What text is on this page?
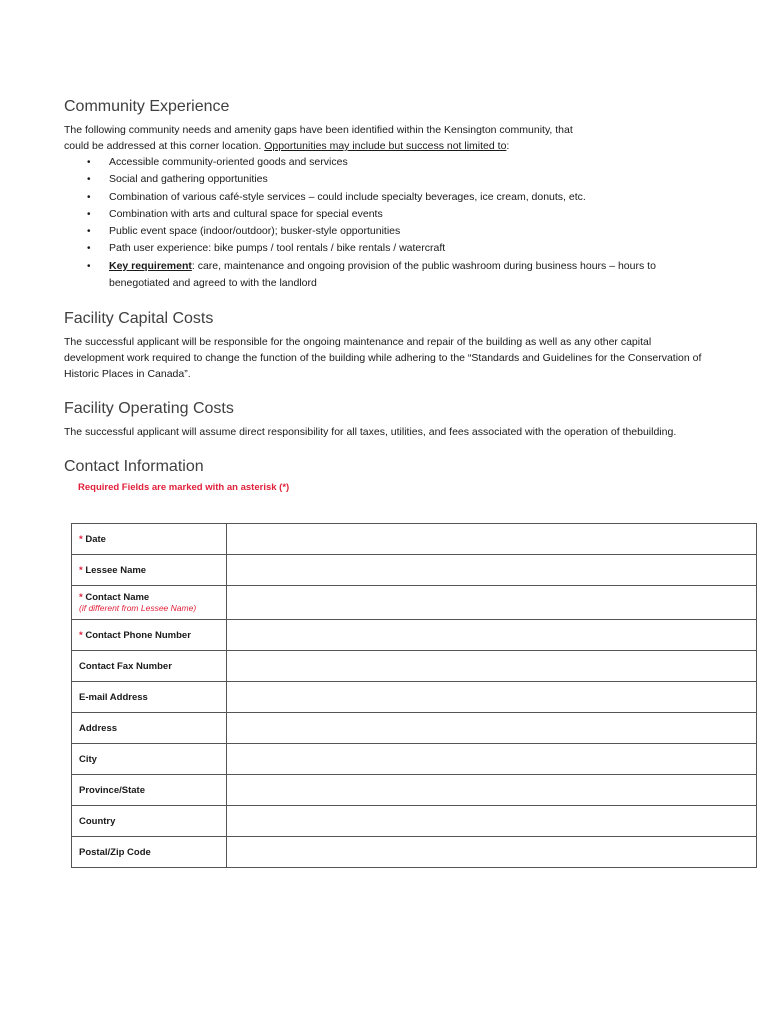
Community Experience

The following community needs and amenity gaps have been identified within the Kensington community, that
could be addressed at this corner location. Opportunities may include but success not limited to:

• Accessible community-oriented goods and services
• Social and gathering opportunities
• Combination of various café-style services – could include specialty beverages, ice cream, donuts, etc.
• Combination with arts and cultural space for special events
• Public event space (indoor/outdoor); busker-style opportunities
• Path user experience: bike pumps / tool rentals / bike rentals / watercraft
• Key requirement: care, maintenance and ongoing provision of the public washroom during business hours – hours to benegotiated and agreed to with the landlord
Facility Capital Costs

The successful applicant will be responsible for the ongoing maintenance and repair of the building as well as any other capital development work required to change the function of the building while adhering to the “Standards and Guidelines for the Conservation of Historic Places in Canada”.

Facility Operating Costs

The successful applicant will assume direct responsibility for all taxes, utilities, and fees associated with the operation of thebuilding.

Contact Information
Required Fields are marked with an asterisk (*)
* Date	
* Lessee Name	
* Contact Name
(if different from Lessee Name)

* Contact Phone Number	
Contact Fax Number	
E-mail Address	
Address	
City	
Province/State	
Country	
Postal/Zip Code	
